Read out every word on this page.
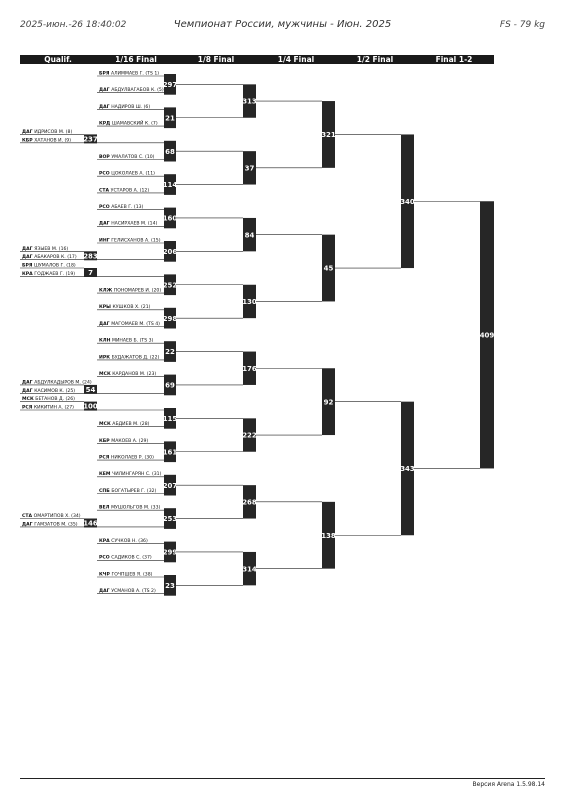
2025-июн.-26 18:40:02	Чемпионат России, мужчины - Июн. 2025	FS - 79 kg
Qualif.	1/16 Final	1/8 Final	1/4 Final	1/2 Final	Final 1-2
БРЯ АЛИММАЕВ Г. (ТS 1)
ДАГ АБДУЛВАГАБОВ К. (5)
297
ДАГ НАДИРОВ Ш. (6)
КРД ШАМАВСКИЙ К. (7)
21
ВОР УМАЛАТОВ С. (10)
68
РСО ЦОКОЛАЕВ А. (11)
СТА УСТАРОВ А. (12)
114
РСО АБАЕВ Г. (13)
ДАГ НАСИРХАЕВ М. (14)
160
ИНГ ГЕЛИСХАНОВ А. (15)
206
КЛЖ ПОНОМАРЕВ И. (20)
252
КРЫ КУШКОВ Х. (21)
ДАГ МАГОМАЕВ М. (TS 4)
298
КЛН МИНАЕВ Б. (TS 3)
ИРК БУДАЖАТОВ Д. (22)
22
МСК КАРДАНОВ М. (23)
69
МСК АБДИЕВ М. (28)
115
КБР МАКОЕВ А. (29)
РСЯ НИКОЛАЕВ Р. (30)
161
КЕМ ЧИЛИНГАРЯН С. (31)
СПБ БОГАТЫРЕВ Г. (32)
207
ВЕЛ МУШОЛЬГОВ М. (33)
253
КРА СУЧКОВ Н. (36)
РСО САДИКОВ С. (37)
299
КЧР ГОЧПШЕВ Я. (38)
ДАГ УСМАНОВ А. (TS 2)
23
ДАГ ИДРИСОВ М. (8)
КБР ХАТАНОВ И. (9) 237
ДАГ ЯЗЫЕВ М. (16)
ДАГ АБАКАРОВ К. (17) 283
БРЯ ШУМАЛОВ Г. (18)
КРА ГОДЖАЕВ Г. (19) 7
ДАГ АБДУЛКАДЫРОВ М. (24)
ДАГ КАСИМОВ К. (25) 54
МСК БЕТАНОВ Д. (26)
РСЯ КИКИТИН А. (27) 100
СТА ОМАРТИПОВ Х. (34)
ДАГ ГАМЗАТОВ М. (35) 146
313
37
84
130
176
222
268
314
321
45
92
138
340
343
409
Версия Arena 1.5.98.14
